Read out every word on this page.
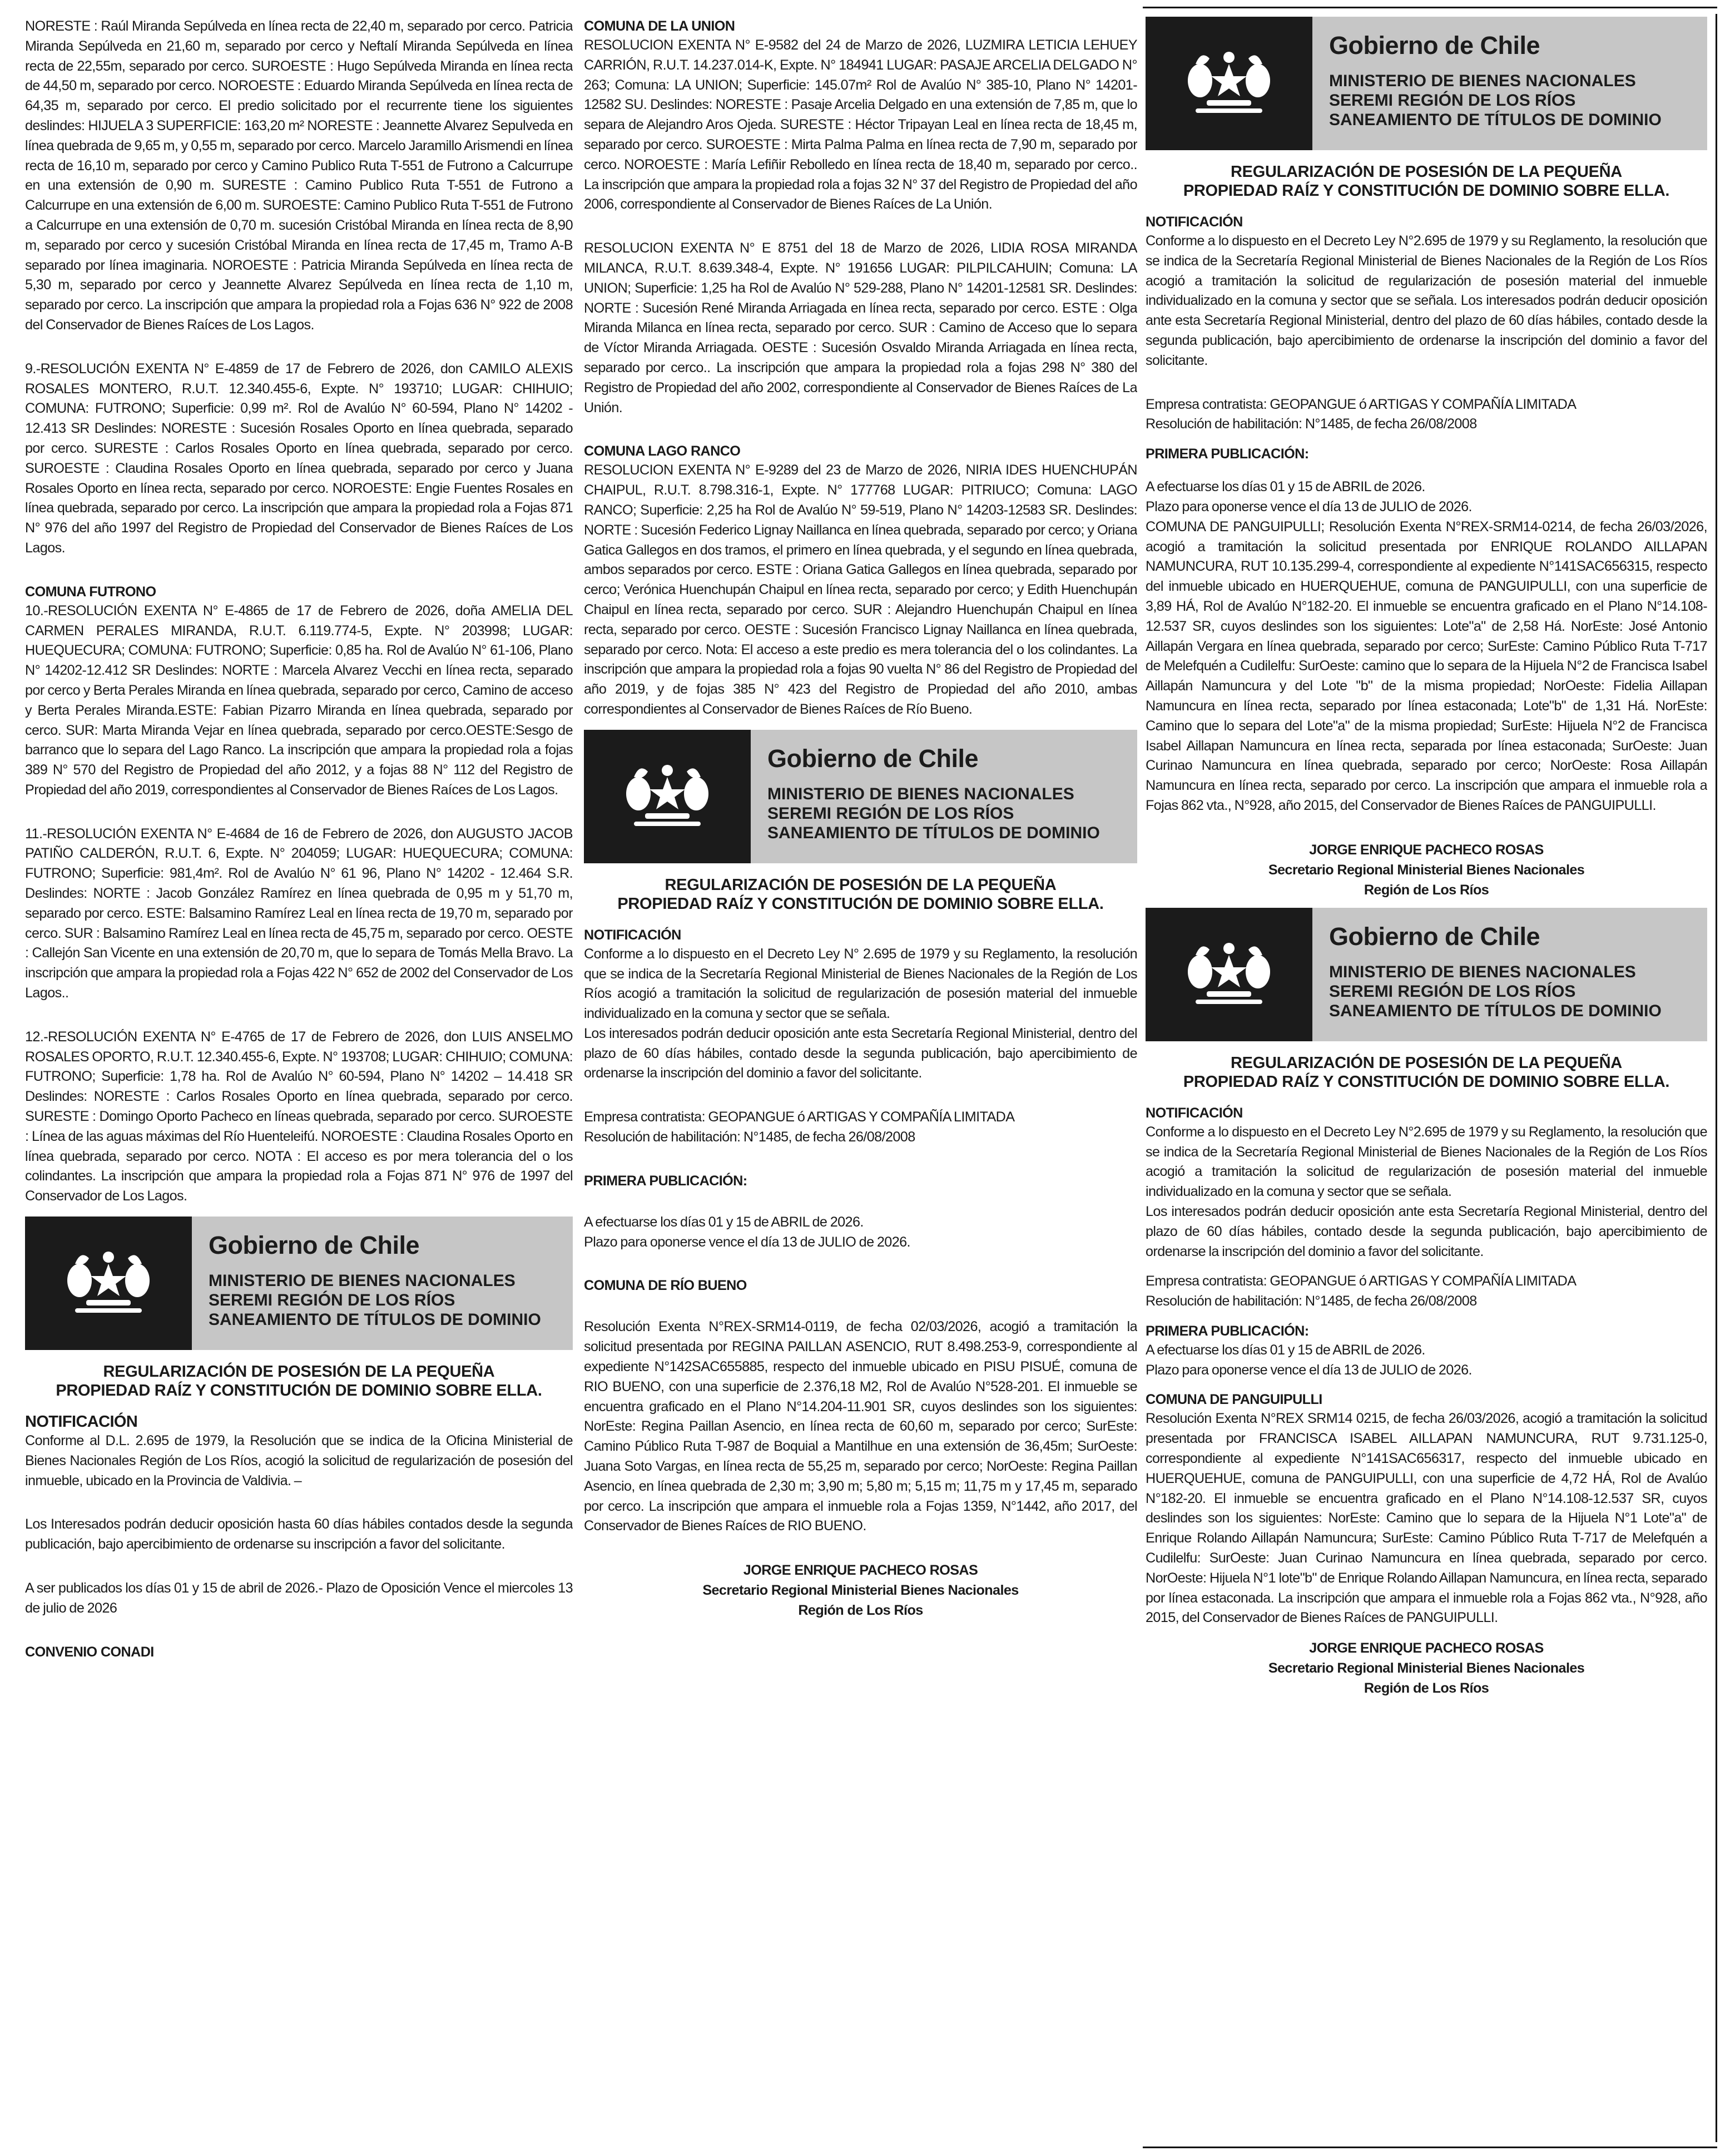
NORESTE : Raúl Miranda Sepúlveda en línea recta de 22,40 m, separado por cerco. Patricia Miranda Sepúlveda en 21,60 m, separado por cerco y Neftalí Miranda Sepúlveda en línea recta de 22,55m, separado por cerco. SUROESTE : Hugo Sepúlveda Miranda en línea recta de 44,50 m, separado por cerco. NOROESTE : Eduardo Miranda Sepúlveda en línea recta de 64,35 m, separado por cerco. El predio solicitado por el recurrente tiene los siguientes deslindes: HIJUELA 3 SUPERFICIE: 163,20 m² NORESTE : Jeannette Alvarez Sepulveda en línea quebrada de 9,65 m, y 0,55 m, separado por cerco. Marcelo Jaramillo Arismendi en línea recta de 16,10 m, separado por cerco y Camino Publico Ruta T-551 de Futrono a Calcurrupe en una extensión de 0,90 m. SURESTE : Camino Publico Ruta T-551 de Futrono a Calcurrupe en una extensión de 6,00 m. SUROESTE: Camino Publico Ruta T-551 de Futrono a Calcurrupe en una extensión de 0,70 m. sucesión Cristóbal Miranda en línea recta de 8,90 m, separado por cerco y sucesión Cristóbal Miranda en línea recta de 17,45 m, Tramo A-B separado por línea imaginaria. NOROESTE : Patricia Miranda Sepúlveda en línea recta de 5,30 m, separado por cerco y Jeannette Alvarez Sepúlveda en línea recta de 1,10 m, separado por cerco. La inscripción que ampara la propiedad rola a Fojas 636 N° 922 de 2008 del Conservador de Bienes Raíces de Los Lagos.

9.-RESOLUCIÓN EXENTA N° E-4859 de 17 de Febrero de 2026, don CAMILO ALEXIS ROSALES MONTERO, R.U.T. 12.340.455-6, Expte. N° 193710; LUGAR: CHIHUIO; COMUNA: FUTRONO; Superficie: 0,99 m². Rol de Avalúo N° 60-594, Plano N° 14202 - 12.413 SR Deslindes: NORESTE : Sucesión Rosales Oporto en línea quebrada, separado por cerco. SURESTE : Carlos Rosales Oporto en línea quebrada, separado por cerco. SUROESTE : Claudina Rosales Oporto en línea quebrada, separado por cerco y Juana Rosales Oporto en línea recta, separado por cerco. NOROESTE: Engie Fuentes Rosales en línea quebrada, separado por cerco. La inscripción que ampara la propiedad rola a Fojas 871 N° 976 del año 1997 del Registro de Propiedad del Conservador de Bienes Raíces de Los Lagos.

COMUNA FUTRONO

10.-RESOLUCIÓN EXENTA N° E-4865 de 17 de Febrero de 2026, doña AMELIA DEL CARMEN PERALES MIRANDA, R.U.T. 6.119.774-5, Expte. N° 203998; LUGAR: HUEQUECURA; COMUNA: FUTRONO; Superficie: 0,85 ha. Rol de Avalúo N° 61-106, Plano N° 14202-12.412 SR Deslindes: NORTE : Marcela Alvarez Vecchi en línea recta, separado por cerco y Berta Perales Miranda en línea quebrada, separado por cerco, Camino de acceso y Berta Perales Miranda.ESTE: Fabian Pizarro Miranda en línea quebrada, separado por cerco. SUR: Marta Miranda Vejar en línea quebrada, separado por cerco.OESTE:Sesgo de barranco que lo separa del Lago Ranco. La inscripción que ampara la propiedad rola a fojas 389 N° 570 del Registro de Propiedad del año 2012, y a fojas 88 N° 112 del Registro de Propiedad del año 2019, correspondientes al Conservador de Bienes Raíces de Los Lagos.

11.-RESOLUCIÓN EXENTA N° E-4684 de 16 de Febrero de 2026, don AUGUSTO JACOB PATIÑO CALDERÓN, R.U.T. 6, Expte. N° 204059; LUGAR: HUEQUECURA; COMUNA: FUTRONO; Superficie: 981,4m². Rol de Avalúo N° 61 96, Plano N° 14202 - 12.464 S.R. Deslindes: NORTE : Jacob González Ramírez en línea quebrada de 0,95 m y 51,70 m, separado por cerco. ESTE: Balsamino Ramírez Leal en línea recta de 19,70 m, separado por cerco. SUR : Balsamino Ramírez Leal en línea recta de 45,75 m, separado por cerco. OESTE : Callejón San Vicente en una extensión de 20,70 m, que lo separa de Tomás Mella Bravo. La inscripción que ampara la propiedad rola a Fojas 422 N° 652 de 2002 del Conservador de Los Lagos..

12.-RESOLUCIÓN EXENTA N° E-4765 de 17 de Febrero de 2026, don LUIS ANSELMO ROSALES OPORTO, R.U.T. 12.340.455-6, Expte. N° 193708; LUGAR: CHIHUIO; COMUNA: FUTRONO; Superficie: 1,78 ha. Rol de Avalúo N° 60-594, Plano N° 14202 – 14.418 SR Deslindes: NORESTE : Carlos Rosales Oporto en línea quebrada, separado por cerco. SURESTE : Domingo Oporto Pacheco en líneas quebrada, separado por cerco. SUROESTE : Línea de las aguas máximas del Río Huenteleifú. NOROESTE : Claudina Rosales Oporto en línea quebrada, separado por cerco. NOTA : El acceso es por mera tolerancia del o los colindantes. La inscripción que ampara la propiedad rola a Fojas 871 N° 976 de 1997 del Conservador de Los Lagos.

Gobierno de Chile
MINISTERIO DE BIENES NACIONALES
SEREMI REGIÓN DE LOS RÍOS
SANEAMIENTO DE TÍTULOS DE DOMINIO
REGULARIZACIÓN DE POSESIÓN DE LA PEQUEÑA
PROPIEDAD RAÍZ Y CONSTITUCIÓN DE DOMINIO SOBRE ELLA.
NOTIFICACIÓN

Conforme al D.L. 2.695 de 1979, la Resolución que se indica de la Oficina Ministerial de Bienes Nacionales Región de Los Ríos, acogió la solicitud de regularización de posesión del inmueble, ubicado en la Provincia de Valdivia. –

Los Interesados podrán deducir oposición hasta 60 días hábiles contados desde la segunda publicación, bajo apercibimiento de ordenarse su inscripción a favor del solicitante.

A ser publicados los días 01 y 15 de abril de 2026.- Plazo de Oposición Vence el miercoles 13 de julio de 2026

CONVENIO CONADI
COMUNA DE LA UNION

RESOLUCION EXENTA N° E-9582 del 24 de Marzo de 2026, LUZMIRA LETICIA LEHUEY CARRIÓN, R.U.T. 14.237.014-K, Expte. N° 184941 LUGAR: PASAJE ARCELIA DELGADO N° 263; Comuna: LA UNION; Superficie: 145.07m² Rol de Avalúo N° 385-10, Plano N° 14201-12582 SU. Deslindes: NORESTE : Pasaje Arcelia Delgado en una extensión de 7,85 m, que lo separa de Alejandro Aros Ojeda. SURESTE : Héctor Tripayan Leal en línea recta de 18,45 m, separado por cerco. SUROESTE : Mirta Palma Palma en línea recta de 7,90 m, separado por cerco. NOROESTE : María Lefiñir Rebolledo en línea recta de 18,40 m, separado por cerco.. La inscripción que ampara la propiedad rola a fojas 32 N° 37 del Registro de Propiedad del año 2006, correspondiente al Conservador de Bienes Raíces de La Unión.

RESOLUCION EXENTA N° E 8751 del 18 de Marzo de 2026, LIDIA ROSA MIRANDA MILANCA, R.U.T. 8.639.348-4, Expte. N° 191656 LUGAR: PILPILCAHUIN; Comuna: LA UNION; Superficie: 1,25 ha Rol de Avalúo N° 529-288, Plano N° 14201-12581 SR. Deslindes: NORTE : Sucesión René Miranda Arriagada en línea recta, separado por cerco. ESTE : Olga Miranda Milanca en línea recta, separado por cerco. SUR : Camino de Acceso que lo separa de Víctor Miranda Arriagada. OESTE : Sucesión Osvaldo Miranda Arriagada en línea recta, separado por cerco.. La inscripción que ampara la propiedad rola a fojas 298 N° 380 del Registro de Propiedad del año 2002, correspondiente al Conservador de Bienes Raíces de La Unión.

COMUNA LAGO RANCO

RESOLUCION EXENTA N° E-9289 del 23 de Marzo de 2026, NIRIA IDES HUENCHUPÁN CHAIPUL, R.U.T. 8.798.316-1, Expte. N° 177768 LUGAR: PITRIUCO; Comuna: LAGO RANCO; Superficie: 2,25 ha Rol de Avalúo N° 59-519, Plano N° 14203-12583 SR. Deslindes: NORTE : Sucesión Federico Lignay Naillanca en línea quebrada, separado por cerco; y Oriana Gatica Gallegos en dos tramos, el primero en línea quebrada, y el segundo en línea quebrada, ambos separados por cerco. ESTE : Oriana Gatica Gallegos en línea quebrada, separado por cerco; Verónica Huenchupán Chaipul en línea recta, separado por cerco; y Edith Huenchupán Chaipul en línea recta, separado por cerco. SUR : Alejandro Huenchupán Chaipul en línea recta, separado por cerco. OESTE : Sucesión Francisco Lignay Naillanca en línea quebrada, separado por cerco. Nota: El acceso a este predio es mera tolerancia del o los colindantes. La inscripción que ampara la propiedad rola a fojas 90 vuelta N° 86 del Registro de Propiedad del año 2019, y de fojas 385 N° 423 del Registro de Propiedad del año 2010, ambas correspondientes al Conservador de Bienes Raíces de Río Bueno.

Gobierno de Chile
MINISTERIO DE BIENES NACIONALES
SEREMI REGIÓN DE LOS RÍOS
SANEAMIENTO DE TÍTULOS DE DOMINIO
REGULARIZACIÓN DE POSESIÓN DE LA PEQUEÑA
PROPIEDAD RAÍZ Y CONSTITUCIÓN DE DOMINIO SOBRE ELLA.
NOTIFICACIÓN

Conforme a lo dispuesto en el Decreto Ley N° 2.695 de 1979 y su Reglamento, la resolución que se indica de la Secretaría Regional Ministerial de Bienes Nacionales de la Región de Los Ríos acogió a tramitación la solicitud de regularización de posesión material del inmueble individualizado en la comuna y sector que se señala.

Los interesados podrán deducir oposición ante esta Secretaría Regional Ministerial, dentro del plazo de 60 días hábiles, contado desde la segunda publicación, bajo apercibimiento de ordenarse la inscripción del dominio a favor del solicitante.

Empresa contratista: GEOPANGUE ó ARTIGAS Y COMPAÑÍA LIMITADA

Resolución de habilitación: N°1485, de fecha 26/08/2008

PRIMERA PUBLICACIÓN:

A efectuarse los días 01 y 15 de ABRIL de 2026.

Plazo para oponerse vence el día 13 de JULIO de 2026.

COMUNA DE RÍO BUENO

Resolución Exenta N°REX-SRM14-0119, de fecha 02/03/2026, acogió a tramitación la solicitud presentada por REGINA PAILLAN ASENCIO, RUT 8.498.253-9, correspondiente al expediente N°142SAC655885, respecto del inmueble ubicado en PISU PISUÉ, comuna de RIO BUENO, con una superficie de 2.376,18 M2, Rol de Avalúo N°528-201. El inmueble se encuentra graficado en el Plano N°14.204-11.901 SR, cuyos deslindes son los siguientes: NorEste: Regina Paillan Asencio, en línea recta de 60,60 m, separado por cerco; SurEste: Camino Público Ruta T-987 de Boquial a Mantilhue en una extensión de 36,45m; SurOeste: Juana Soto Vargas, en línea recta de 55,25 m, separado por cerco; NorOeste: Regina Paillan Asencio, en línea quebrada de 2,30 m; 3,90 m; 5,80 m; 5,15 m; 11,75 m y 17,45 m, separado por cerco. La inscripción que ampara el inmueble rola a Fojas 1359, N°1442, año 2017, del Conservador de Bienes Raíces de RIO BUENO.

JORGE ENRIQUE PACHECO ROSAS
Secretario Regional Ministerial Bienes Nacionales
Región de Los Ríos
Gobierno de Chile
MINISTERIO DE BIENES NACIONALES
SEREMI REGIÓN DE LOS RÍOS
SANEAMIENTO DE TÍTULOS DE DOMINIO
REGULARIZACIÓN DE POSESIÓN DE LA PEQUEÑA
PROPIEDAD RAÍZ Y CONSTITUCIÓN DE DOMINIO SOBRE ELLA.
NOTIFICACIÓN

Conforme a lo dispuesto en el Decreto Ley N°2.695 de 1979 y su Reglamento, la resolución que se indica de la Secretaría Regional Ministerial de Bienes Nacionales de la Región de Los Ríos acogió a tramitación la solicitud de regularización de posesión material del inmueble individualizado en la comuna y sector que se señala. Los interesados podrán deducir oposición ante esta Secretaría Regional Ministerial, dentro del plazo de 60 días hábiles, contado desde la segunda publicación, bajo apercibimiento de ordenarse la inscripción del dominio a favor del solicitante.

Empresa contratista: GEOPANGUE ó ARTIGAS Y COMPAÑÍA LIMITADA

Resolución de habilitación: N°1485, de fecha 26/08/2008

PRIMERA PUBLICACIÓN:

A efectuarse los días 01 y 15 de ABRIL de 2026.

Plazo para oponerse vence el día 13 de JULIO de 2026.

COMUNA DE PANGUIPULLI; Resolución Exenta N°REX-SRM14-0214, de fecha 26/03/2026, acogió a tramitación la solicitud presentada por ENRIQUE ROLANDO AILLAPAN NAMUNCURA, RUT 10.135.299-4, correspondiente al expediente N°141SAC656315, respecto del inmueble ubicado en HUERQUEHUE, comuna de PANGUIPULLI, con una superficie de 3,89 HÁ, Rol de Avalúo N°182-20. El inmueble se encuentra graficado en el Plano N°14.108-12.537 SR, cuyos deslindes son los siguientes: Lote"a" de 2,58 Há. NorEste: José Antonio Aillapán Vergara en línea quebrada, separado por cerco; SurEste: Camino Público Ruta T-717 de Melefquén a Cudilelfu: SurOeste: camino que lo separa de la Hijuela N°2 de Francisca Isabel Aillapán Namuncura y del Lote "b" de la misma propiedad; NorOeste: Fidelia Aillapan Namuncura en línea recta, separado por línea estaconada; Lote"b" de 1,31 Há. NorEste: Camino que lo separa del Lote"a" de la misma propiedad; SurEste: Hijuela N°2 de Francisca Isabel Aillapan Namuncura en línea recta, separada por línea estaconada; SurOeste: Juan Curinao Namuncura en línea quebrada, separado por cerco; NorOeste: Rosa Aillapán Namuncura en línea recta, separado por cerco. La inscripción que ampara el inmueble rola a Fojas 862 vta., N°928, año 2015, del Conservador de Bienes Raíces de PANGUIPULLI.

JORGE ENRIQUE PACHECO ROSAS
Secretario Regional Ministerial Bienes Nacionales
Región de Los Ríos
Gobierno de Chile
MINISTERIO DE BIENES NACIONALES
SEREMI REGIÓN DE LOS RÍOS
SANEAMIENTO DE TÍTULOS DE DOMINIO
REGULARIZACIÓN DE POSESIÓN DE LA PEQUEÑA
PROPIEDAD RAÍZ Y CONSTITUCIÓN DE DOMINIO SOBRE ELLA.
NOTIFICACIÓN

Conforme a lo dispuesto en el Decreto Ley N°2.695 de 1979 y su Reglamento, la resolución que se indica de la Secretaría Regional Ministerial de Bienes Nacionales de la Región de Los Ríos acogió a tramitación la solicitud de regularización de posesión material del inmueble individualizado en la comuna y sector que se señala.

Los interesados podrán deducir oposición ante esta Secretaría Regional Ministerial, dentro del plazo de 60 días hábiles, contado desde la segunda publicación, bajo apercibimiento de ordenarse la inscripción del dominio a favor del solicitante.

Empresa contratista: GEOPANGUE ó ARTIGAS Y COMPAÑÍA LIMITADA

Resolución de habilitación: N°1485, de fecha 26/08/2008

PRIMERA PUBLICACIÓN:

A efectuarse los días 01 y 15 de ABRIL de 2026.

Plazo para oponerse vence el día 13 de JULIO de 2026.

COMUNA DE PANGUIPULLI

Resolución Exenta N°REX SRM14 0215, de fecha 26/03/2026, acogió a tramitación la solicitud presentada por FRANCISCA ISABEL AILLAPAN NAMUNCURA, RUT 9.731.125-0, correspondiente al expediente N°141SAC656317, respecto del inmueble ubicado en HUERQUEHUE, comuna de PANGUIPULLI, con una superficie de 4,72 HÁ, Rol de Avalúo N°182-20. El inmueble se encuentra graficado en el Plano N°14.108-12.537 SR, cuyos deslindes son los siguientes: NorEste: Camino que lo separa de la Hijuela N°1 Lote"a" de Enrique Rolando Aillapán Namuncura; SurEste: Camino Público Ruta T-717 de Melefquén a Cudilelfu: SurOeste: Juan Curinao Namuncura en línea quebrada, separado por cerco. NorOeste: Hijuela N°1 lote"b" de Enrique Rolando Aillapan Namuncura, en línea recta, separado por línea estaconada. La inscripción que ampara el inmueble rola a Fojas 862 vta., N°928, año 2015, del Conservador de Bienes Raíces de PANGUIPULLI.

JORGE ENRIQUE PACHECO ROSAS
Secretario Regional Ministerial Bienes Nacionales
Región de Los Ríos
